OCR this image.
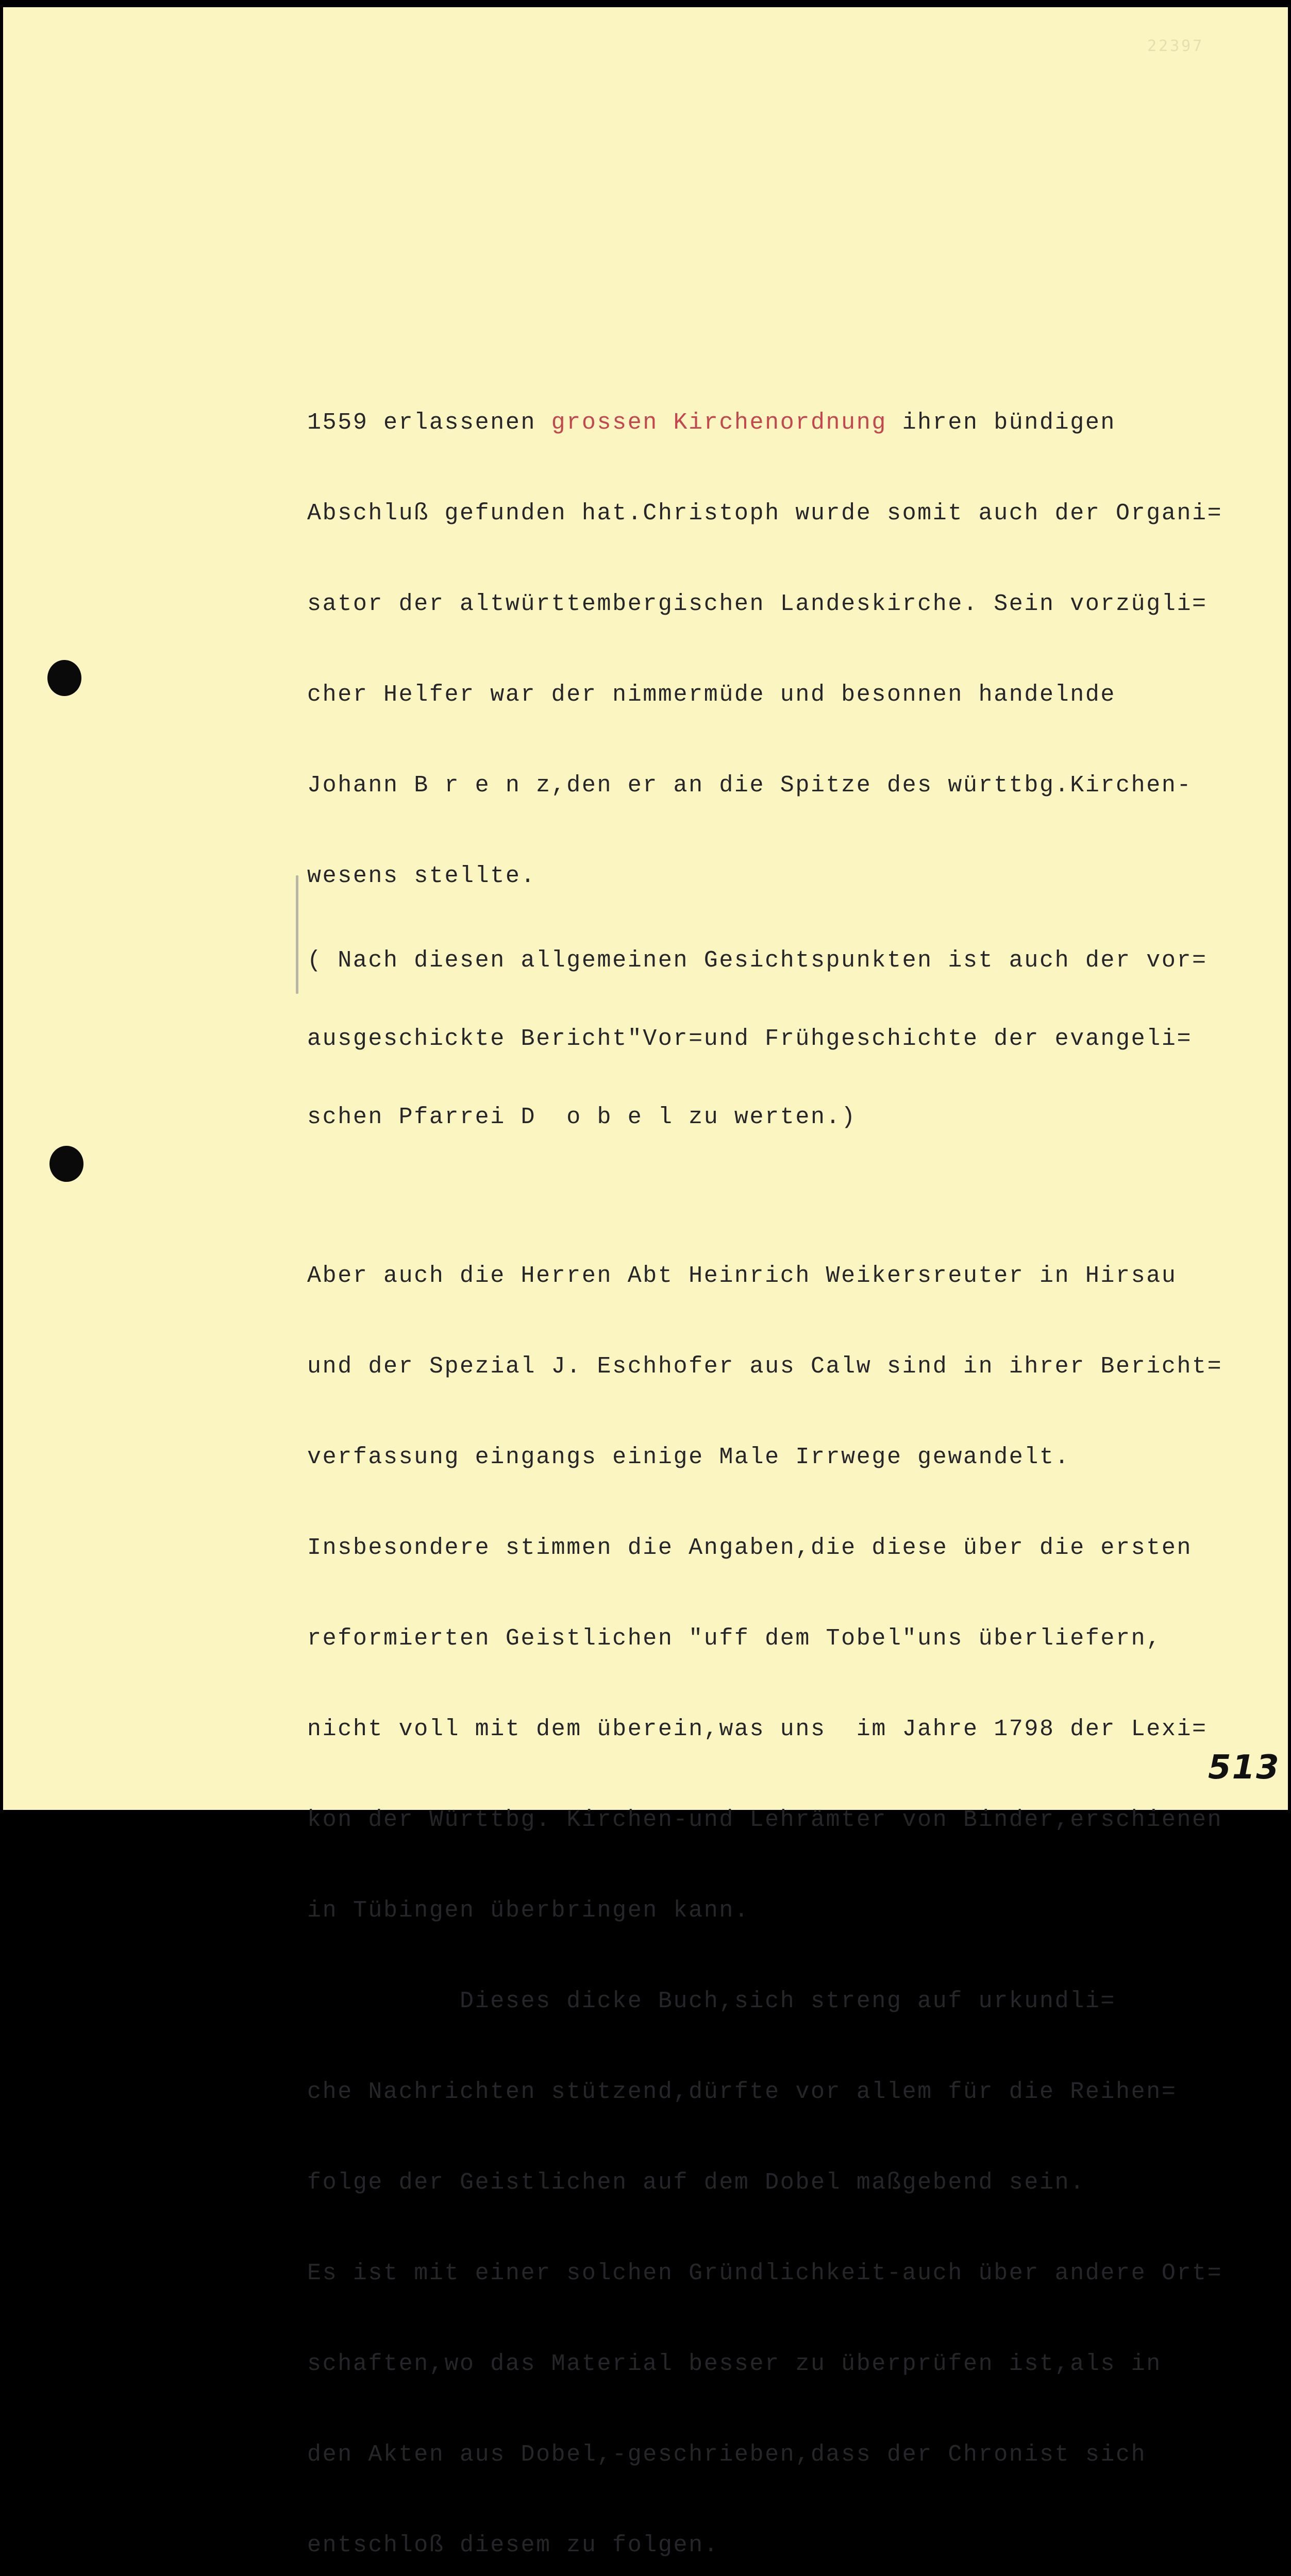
22397

1559 erlassenen grossen Kirchenordnung ihren bündigen

Abschluß gefunden hat.Christoph wurde somit auch der Organi=

sator der altwürttembergischen Landeskirche. Sein vorzügli=

cher Helfer war der nimmermüde und besonnen handelnde

Johann B r e n z,den er an die Spitze des württbg.Kirchen-

wesens stellte.

( Nach diesen allgemeinen Gesichtspunkten ist auch der vor=

ausgeschickte Bericht"Vor=und Frühgeschichte der evangeli=

schen Pfarrei D  o b e l zu werten.)

Aber auch die Herren Abt Heinrich Weikersreuter in Hirsau

und der Spezial J. Eschhofer aus Calw sind in ihrer Bericht=

verfassung eingangs einige Male Irrwege gewandelt.

Insbesondere stimmen die Angaben,die diese über die ersten

reformierten Geistlichen "uff dem Tobel"uns überliefern,

nicht voll mit dem überein,was uns  im Jahre 1798 der Lexi=

kon der Württbg. Kirchen-und Lehrämter von Binder,erschienen

in Tübingen überbringen kann.

Dieses dicke Buch,sich streng auf urkundli=

che Nachrichten stützend,dürfte vor allem für die Reihen=

folge der Geistlichen auf dem Dobel maßgebend sein.

Es ist mit einer solchen Gründlichkeit-auch über andere Ort=

schaften,wo das Material besser zu überprüfen ist,als in

den Akten aus Dobel,-geschrieben,dass der Chronist sich

entschloß diesem zu folgen.

513
